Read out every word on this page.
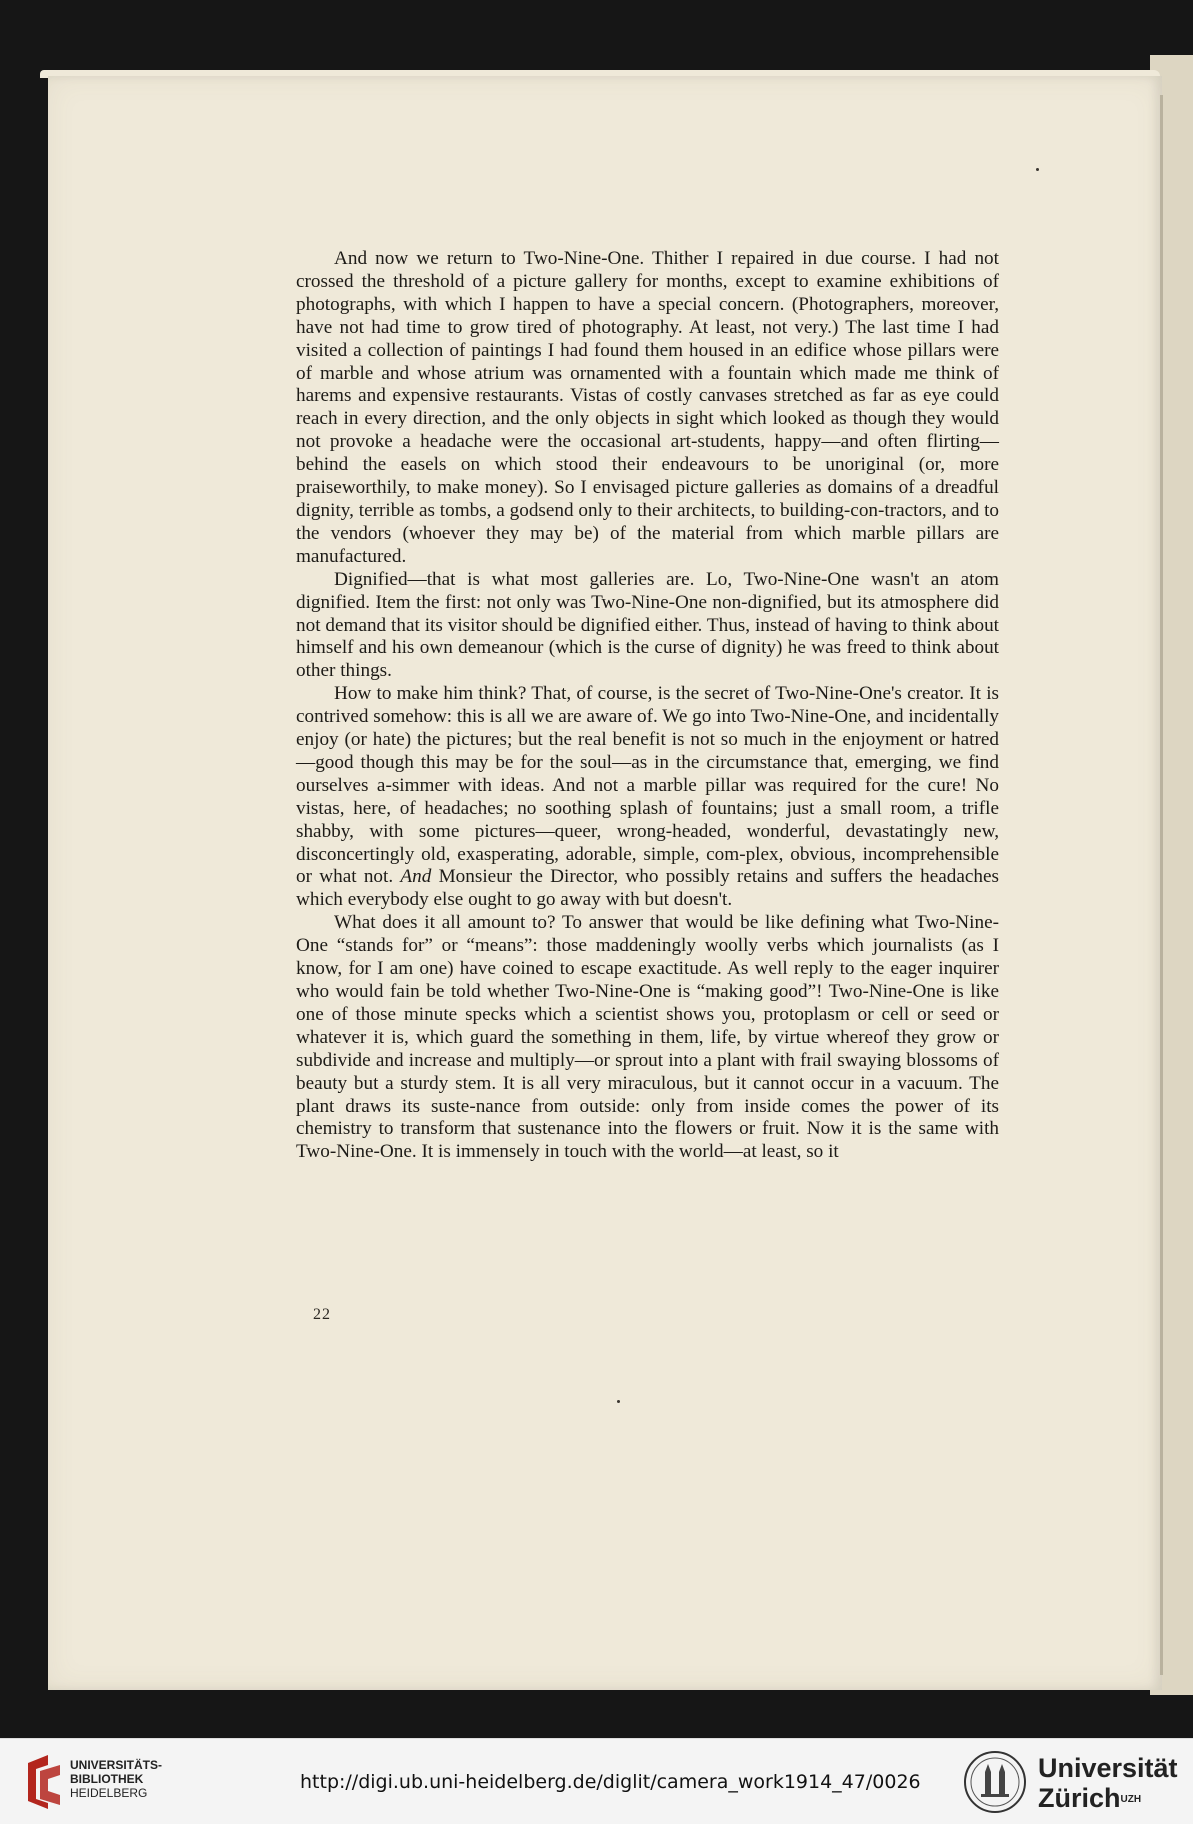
And now we return to Two-Nine-One. Thither I repaired in due course. I had not crossed the threshold of a picture gallery for months, except to examine exhibitions of photographs, with which I happen to have a special concern. (Photographers, moreover, have not had time to grow tired of photography. At least, not very.) The last time I had visited a collection of paintings I had found them housed in an edifice whose pillars were of marble and whose atrium was ornamented with a fountain which made me think of harems and expensive restaurants. Vistas of costly canvases stretched as far as eye could reach in every direction, and the only objects in sight which looked as though they would not provoke a headache were the occasional art-students, happy—and often flirting—behind the easels on which stood their endeavours to be unoriginal (or, more praiseworthily, to make money). So I envisaged picture galleries as domains of a dreadful dignity, terrible as tombs, a godsend only to their architects, to building-con-tractors, and to the vendors (whoever they may be) of the material from which marble pillars are manufactured.

Dignified—that is what most galleries are. Lo, Two-Nine-One wasn't an atom dignified. Item the first: not only was Two-Nine-One non-dignified, but its atmosphere did not demand that its visitor should be dignified either. Thus, instead of having to think about himself and his own demeanour (which is the curse of dignity) he was freed to think about other things.

How to make him think? That, of course, is the secret of Two-Nine-One's creator. It is contrived somehow: this is all we are aware of. We go into Two-Nine-One, and incidentally enjoy (or hate) the pictures; but the real benefit is not so much in the enjoyment or hatred—good though this may be for the soul—as in the circumstance that, emerging, we find ourselves a-simmer with ideas. And not a marble pillar was required for the cure! No vistas, here, of headaches; no soothing splash of fountains; just a small room, a trifle shabby, with some pictures—queer, wrong-headed, wonderful, devastatingly new, disconcertingly old, exasperating, adorable, simple, com-plex, obvious, incomprehensible or what not. And Monsieur the Director, who possibly retains and suffers the headaches which everybody else ought to go away with but doesn't.

What does it all amount to? To answer that would be like defining what Two-Nine-One “stands for” or “means”: those maddeningly woolly verbs which journalists (as I know, for I am one) have coined to escape exactitude. As well reply to the eager inquirer who would fain be told whether Two-Nine-One is “making good”! Two-Nine-One is like one of those minute specks which a scientist shows you, protoplasm or cell or seed or whatever it is, which guard the something in them, life, by virtue whereof they grow or subdivide and increase and multiply—or sprout into a plant with frail swaying blossoms of beauty but a sturdy stem. It is all very miraculous, but it cannot occur in a vacuum. The plant draws its suste-nance from outside: only from inside comes the power of its chemistry to transform that sustenance into the flowers or fruit. Now it is the same with Two-Nine-One. It is immensely in touch with the world—at least, so it

22
UNIVERSITÄTS-
BIBLIOTHEK
HEIDELBERG	http://digi.ub.uni-heidelberg.de/diglit/camera_work1914_47/0026	Universität
Zürich$^{UZH}$
